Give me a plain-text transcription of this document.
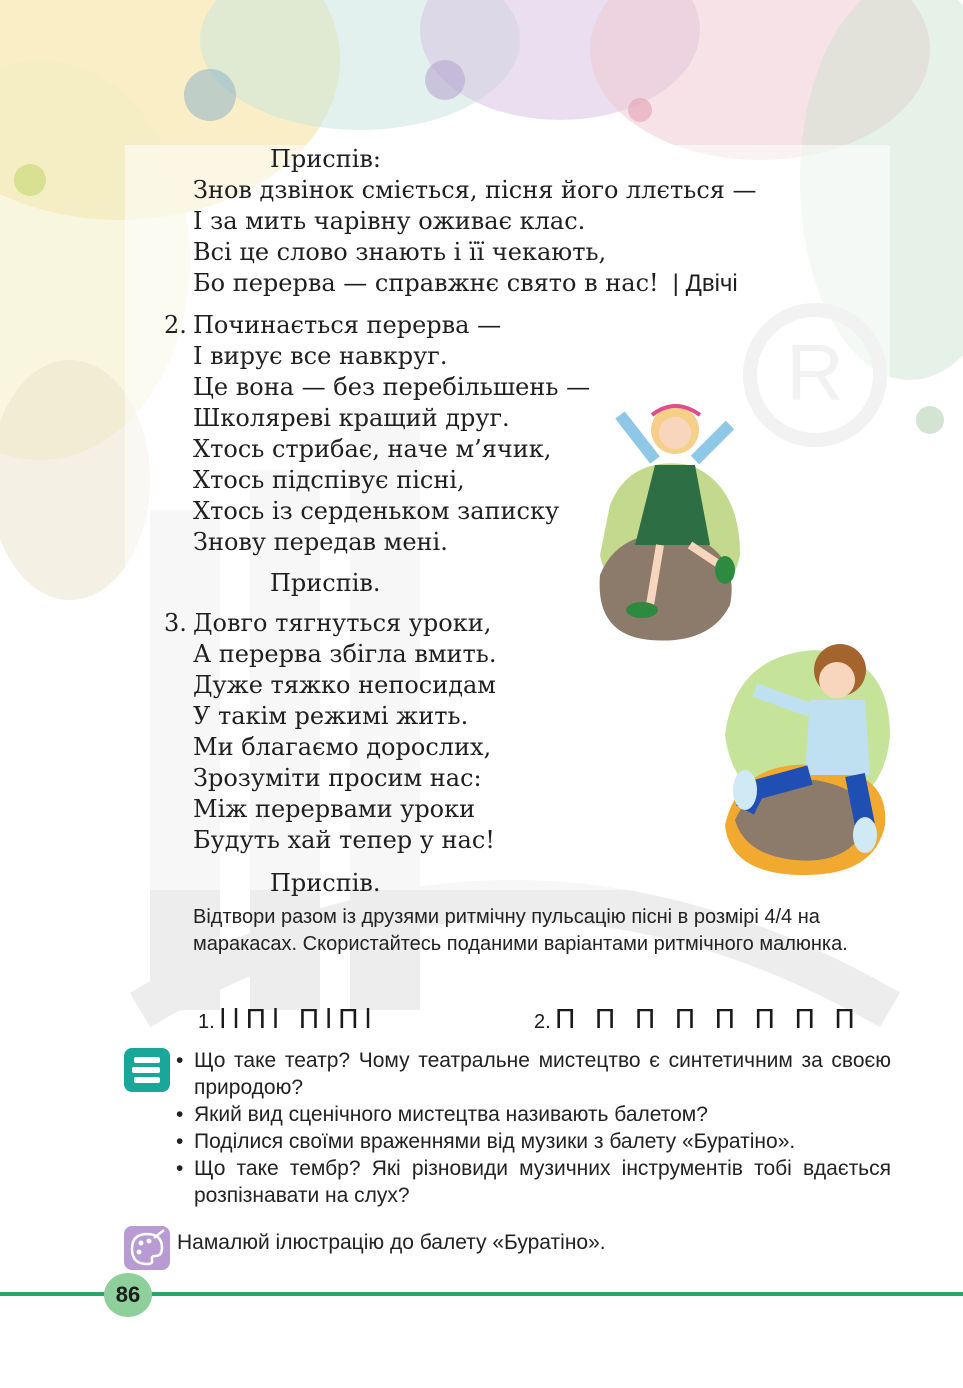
Приспів:
Знов дзвінок сміється, пісня його ллється —
І за мить чарівну оживає клас.
Всі це слово знають і її чекають,
Бо перерва — справжнє свято в нас! | Двічі
2. Починається перерва —
І вирує все навкруг.
Це вона — без перебільшень —
Школяреві кращий друг.
Хтось стрибає, наче м’ячик,
Хтось підспівує пісні,
Хтось із серденьком записку
Знову передав мені.
Приспів.
3. Довго тягнуться уроки,
А перерва збігла вмить.
Дуже тяжко непосидам
У такім режимі жить.
Ми благаємо дорослих,
Зрозуміти просим нас:
Між перервами уроки
Будуть хай тепер у нас!
Приспів.
Відтвори разом із друзями ритмічну пульсацію пісні в розмірі 4/4 на маракасах. Скористайтесь поданими варіантами ритмічного малюнка.
1. ǀǀПǀ ПǀПǀ	2. П П П П П П П П
• Що таке театр? Чому театральне мистецтво є синтетичним за своєю природою?
• Який вид сценічного мистецтва називають балетом?
• Поділися своїми враженнями від музики з балету «Буратіно».
• Що таке тембр? Які різновиди музичних інструментів тобі вдається розпізнавати на слух?
Намалюй ілюстрацію до балету «Буратіно».
86
